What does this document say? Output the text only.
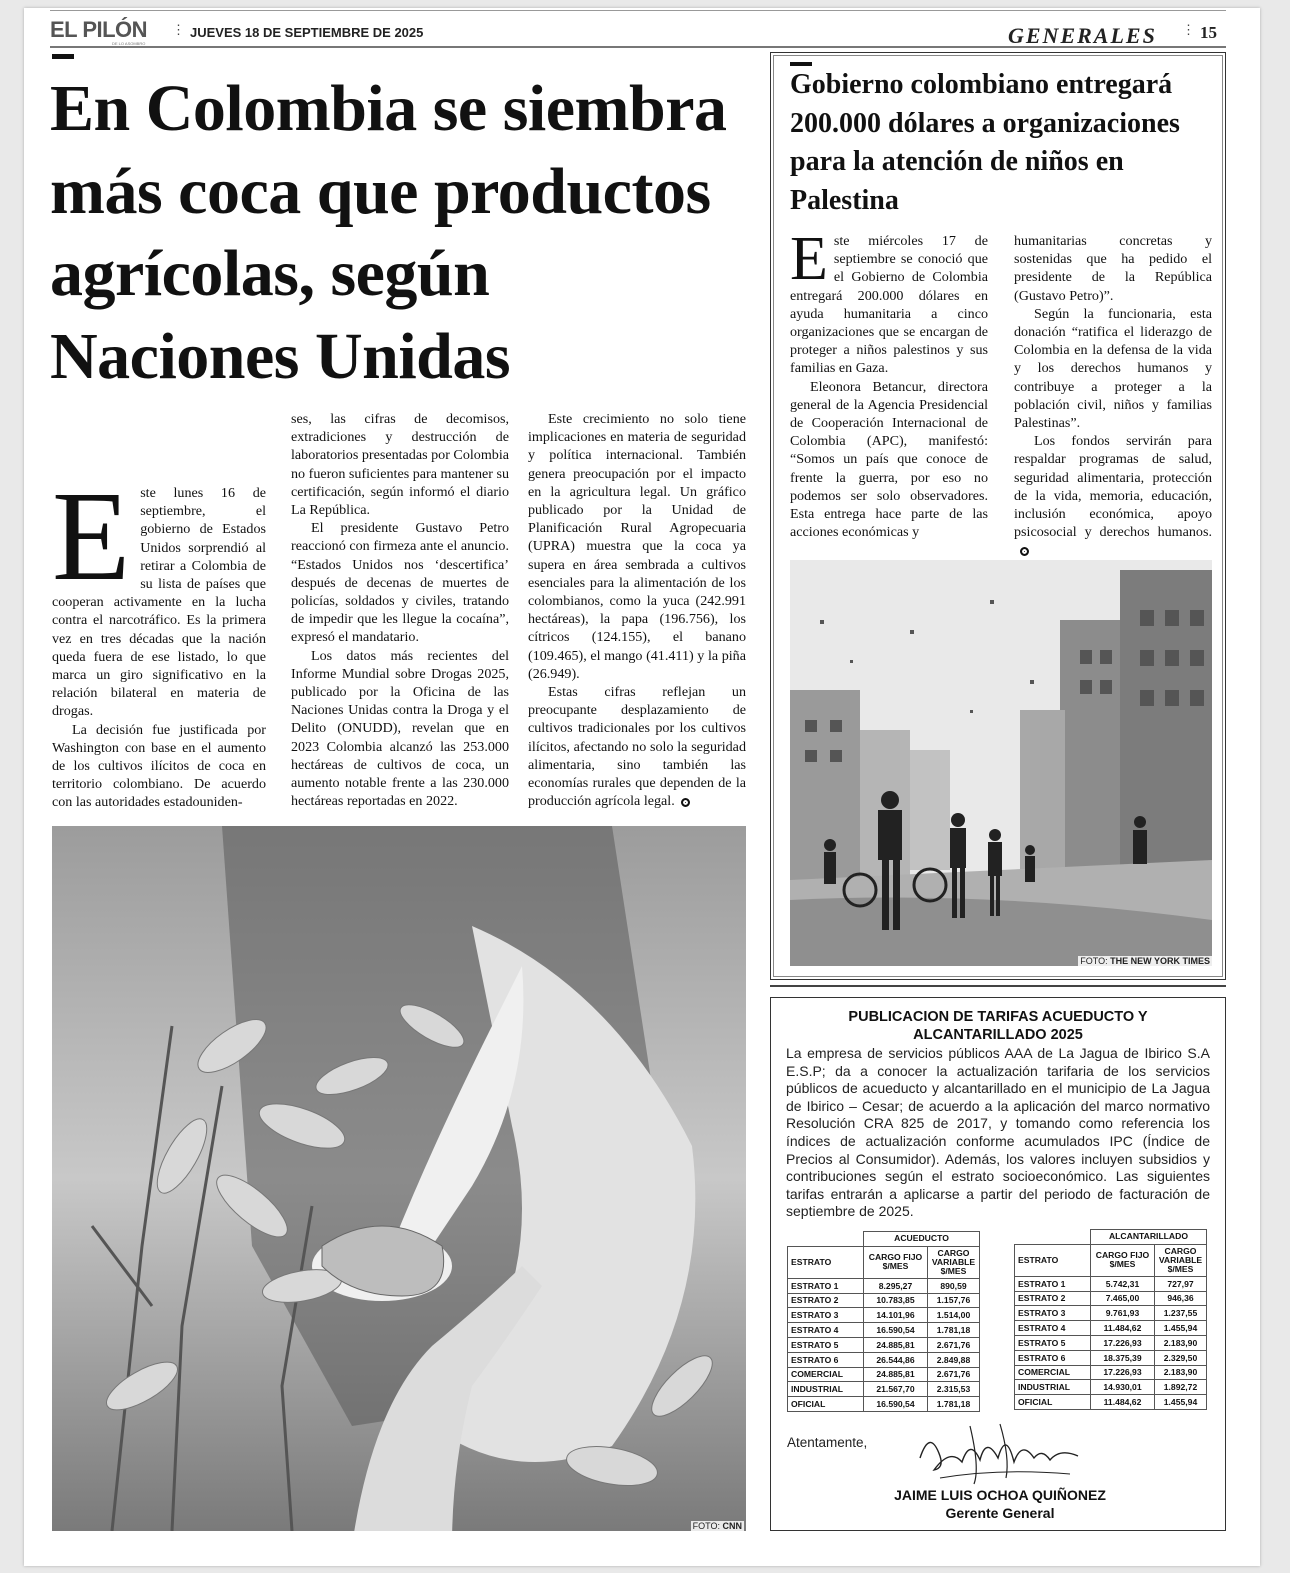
EL PILÓN
DE LO ASOMBRO
⋮ JUEVES 18 DE SEPTIEMBRE DE 2025	GENERALES ⋮ 15
En Colombia se siembra más coca que productos agrícolas, según Naciones Unidas
E ste lunes 16 de septiembre, el gobierno de Estados Unidos sorprendió al retirar a Colombia de su lista de países que cooperan activamente en la lucha contra el narcotráfico. Es la primera vez en tres décadas que la nación queda fuera de ese listado, lo que marca un giro significativo en la relación bilateral en materia de drogas.

La decisión fue justificada por Washington con base en el aumento de los cultivos ilícitos de coca en territorio colombiano. De acuerdo con las autoridades estadouniden-

ses, las cifras de decomisos, extradiciones y destrucción de laboratorios presentadas por Colombia no fueron suficientes para mantener su certificación, según informó el diario La República.

El presidente Gustavo Petro reaccionó con firmeza ante el anuncio. “Estados Unidos nos ‘descertifica’ después de decenas de muertes de policías, soldados y civiles, tratando de impedir que les llegue la cocaína”, expresó el mandatario.

Los datos más recientes del Informe Mundial sobre Drogas 2025, publicado por la Oficina de las Naciones Unidas contra la Droga y el Delito (ONUDD), revelan que en 2023 Colombia alcanzó las 253.000 hectáreas de cultivos de coca, un aumento notable frente a las 230.000 hectáreas reportadas en 2022.

Este crecimiento no solo tiene implicaciones en materia de seguridad y política internacional. También genera preocupación por el impacto en la agricultura legal. Un gráfico publicado por la Unidad de Planificación Rural Agropecuaria (UPRA) muestra que la coca ya supera en área sembrada a cultivos esenciales para la alimentación de los colombianos, como la yuca (242.991 hectáreas), la papa (196.756), los cítricos (124.155), el banano (109.465), el mango (41.411) y la piña (26.949).

Estas cifras reflejan un preocupante desplazamiento de cultivos tradicionales por los cultivos ilícitos, afectando no solo la seguridad alimentaria, sino también las economías rurales que dependen de la producción agrícola legal.

FOTO: CNN
Gobierno colombiano entregará 200.000 dólares a organizaciones para la atención de niños en Palestina
E ste miércoles 17 de septiembre se conoció que el Gobierno de Colombia entregará 200.000 dólares en ayuda humanitaria a cinco organizaciones que se encargan de proteger a niños palestinos y sus familias en Gaza.

Eleonora Betancur, directora general de la Agencia Presidencial de Cooperación Internacional de Colombia (APC), manifestó: “Somos un país que conoce de frente la guerra, por eso no podemos ser solo observadores. Esta entrega hace parte de las acciones económicas y

humanitarias concretas y sostenidas que ha pedido el presidente de la República (Gustavo Petro)”.

Según la funcionaria, esta donación “ratifica el liderazgo de Colombia en la defensa de la vida y los derechos humanos y contribuye a proteger a la población civil, niños y familias Palestinas”.

Los fondos servirán para respaldar programas de salud, seguridad alimentaria, protección de la vida, memoria, educación, inclusión económica, apoyo psicosocial y derechos humanos.

FOTO: THE NEW YORK TIMES
PUBLICACION DE TARIFAS ACUEDUCTO Y ALCANTARILLADO 2025
La empresa de servicios públicos AAA de La Jagua de Ibirico S.A E.S.P; da a conocer la actualización tarifaria de los servicios públicos de acueducto y alcantarillado en el municipio de La Jagua de Ibirico – Cesar; de acuerdo a la aplicación del marco normativo Resolución CRA 825 de 2017, y tomando como referencia los índices de actualización conforme acumulados IPC (Índice de Precios al Consumidor). Además, los valores incluyen subsidios y contribuciones según el estrato socioeconómico. Las siguientes tarifas entrarán a aplicarse a partir del periodo de facturación de septiembre de 2025.
	ACUEDUCTO	
ESTRATO	CARGO FIJO $/MES	CARGO VARIABLE $/MES
ESTRATO 1	8.295,27	890,59
ESTRATO 2	10.783,85	1.157,76
ESTRATO 3	14.101,96	1.514,00
ESTRATO 4	16.590,54	1.781,18
ESTRATO 5	24.885,81	2.671,76
ESTRATO 6	26.544,86	2.849,88
COMERCIAL	24.885,81	2.671,76
INDUSTRIAL	21.567,70	2.315,53
OFICIAL	16.590,54	1.781,18
	ALCANTARILLADO	
ESTRATO	CARGO FIJO $/MES	CARGO VARIABLE $/MES
ESTRATO 1	5.742,31	727,97
ESTRATO 2	7.465,00	946,36
ESTRATO 3	9.761,93	1.237,55
ESTRATO 4	11.484,62	1.455,94
ESTRATO 5	17.226,93	2.183,90
ESTRATO 6	18.375,39	2.329,50
COMERCIAL	17.226,93	2.183,90
INDUSTRIAL	14.930,01	1.892,72
OFICIAL	11.484,62	1.455,94
Atentamente,
JAIME LUIS OCHOA QUIÑONEZ
Gerente General
